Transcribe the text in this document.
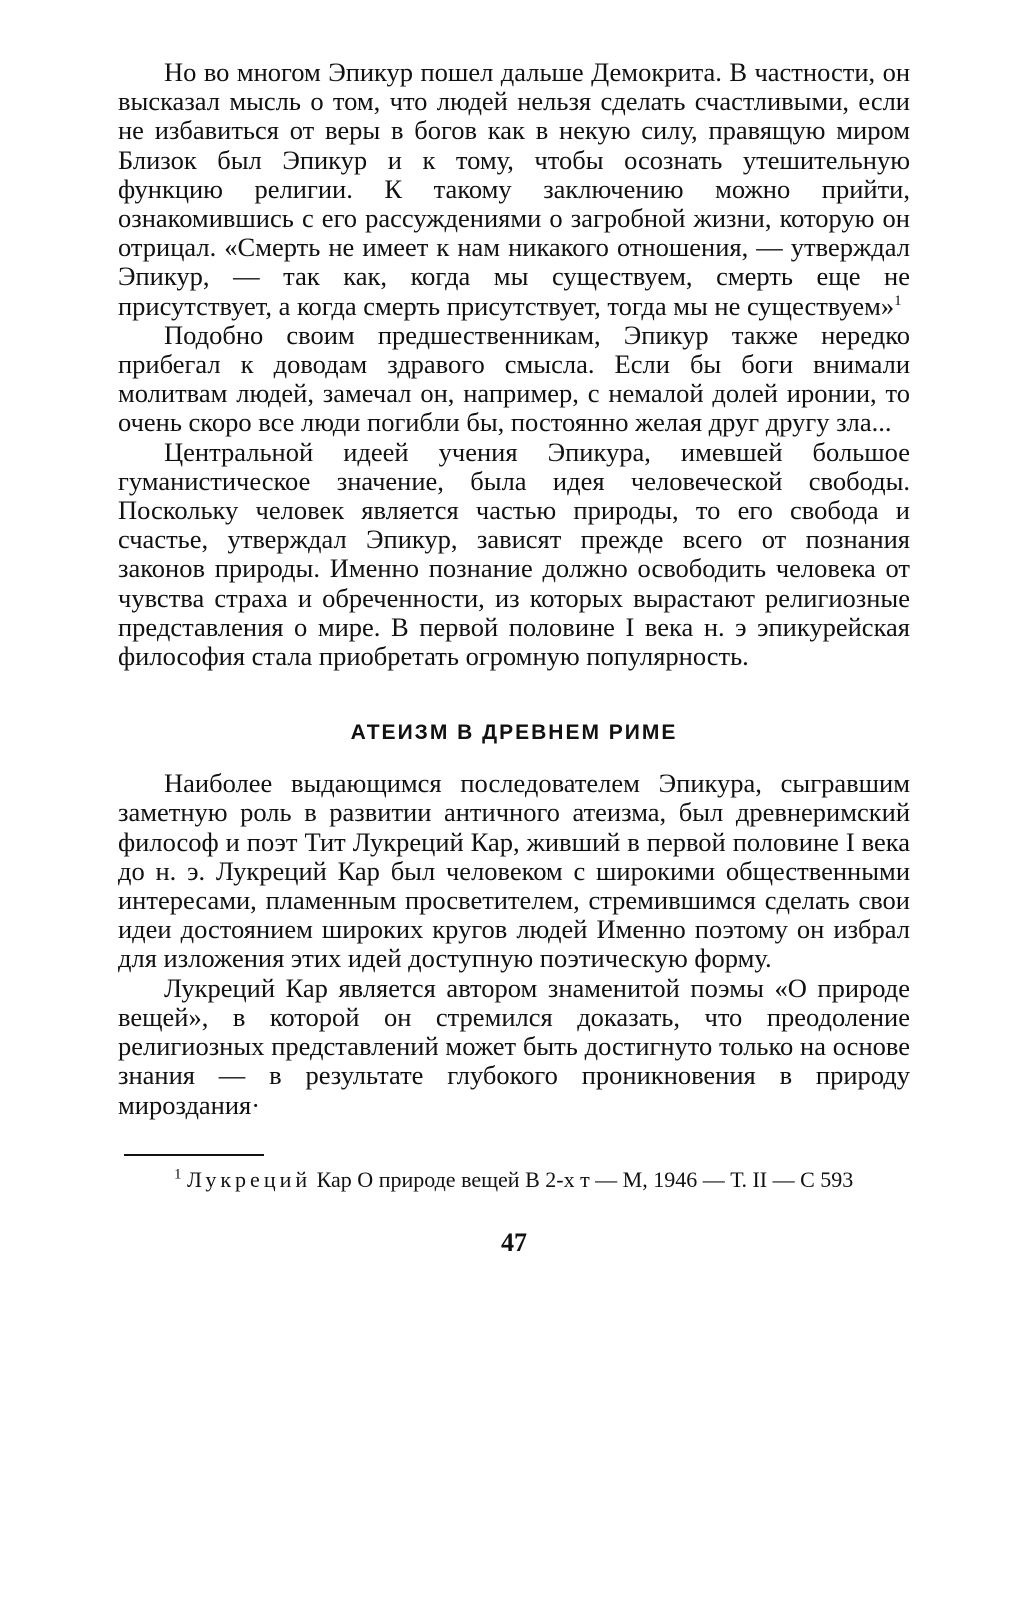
Но во многом Эпикур пошел дальше Демокрита. В частности, он высказал мысль о том, что людей нельзя сделать счастливыми, если не избавиться от веры в богов как в некую силу, правящую миром Близок был Эпикур и к тому, чтобы осознать утешительную функцию религии. К такому заключению можно прийти, ознакомившись с его рассуждениями о загробной жизни, которую он отрицал. «Смерть не имеет к нам никакого отношения, — утверждал Эпикур, — так как, когда мы существуем, смерть еще не присутствует, а когда смерть присутствует, тогда мы не существуем»$^1$

Подобно своим предшественникам, Эпикур также нередко прибегал к доводам здравого смысла. Если бы боги внимали молитвам людей, замечал он, например, с немалой долей иронии, то очень скоро все люди погибли бы, постоянно желая друг другу зла...

Центральной идеей учения Эпикура, имевшей большое гуманистическое значение, была идея человеческой свободы. Поскольку человек является частью природы, то его свобода и счастье, утверждал Эпикур, зависят прежде всего от познания законов природы. Именно познание должно освободить человека от чувства страха и обреченности, из которых вырастают религиозные представления о мире. В первой половине I века н. э эпикурейская философия стала приобретать огромную популярность.

АТЕИЗМ В ДРЕВНЕМ РИМЕ

Наиболее выдающимся последователем Эпикура, сыгравшим заметную роль в развитии античного атеизма, был древнеримский философ и поэт Тит Лукреций Кар, живший в первой половине I века до н. э. Лукреций Кар был человеком с широкими общественными интересами, пламенным просветителем, стремившимся сделать свои идеи достоянием широких кругов людей Именно поэтому он избрал для изложения этих идей доступную поэтическую форму.

Лукреций Кар является автором знаменитой поэмы «О природе вещей», в которой он стремился доказать, что преодоление религиозных представлений может быть достигнуто только на основе знания — в результате глубокого проникновения в природу мироздания·

$^1$ Лукреций Кар О природе вещей В 2-х т — М, 1946 — Т. II — С 593

47
